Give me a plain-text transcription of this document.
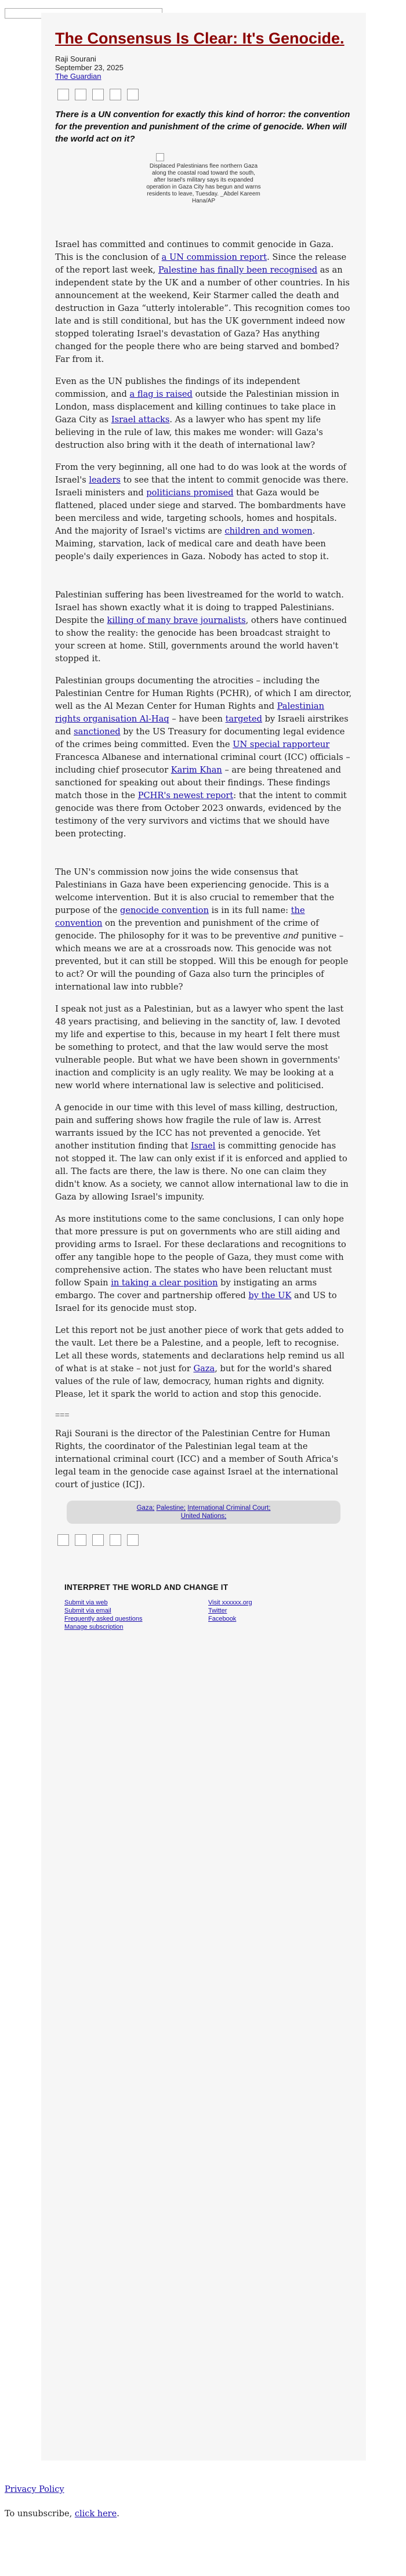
The Consensus Is Clear: It's Genocide.
Raji Sourani
September 23, 2025
The Guardian
There is a UN convention for exactly this kind of horror: the convention for the prevention and punishment of the crime of genocide. When will the world act on it?
Displaced Palestinians flee northern Gaza along the coastal road toward the south, after Israel's military says its expanded operation in Gaza City has begun and warns residents to leave, Tuesday. _Abdel Kareem Hana/AP

Israel has committed and continues to commit genocide in Gaza. This is the conclusion of a UN commission report. Since the release of the report last week, Palestine has finally been recognised as an independent state by the UK and a number of other countries. In his announcement at the weekend, Keir Starmer called the death and destruction in Gaza “utterly intolerable”. This recognition comes too late and is still conditional, but has the UK government indeed now stopped tolerating Israel's devastation of Gaza? Has anything changed for the people there who are being starved and bombed? Far from it.

Even as the UN publishes the findings of its independent commission, and a flag is raised outside the Palestinian mission in London, mass displacement and killing continues to take place in Gaza City as Israel attacks. As a lawyer who has spent my life believing in the rule of law, this makes me wonder: will Gaza's destruction also bring with it the death of international law?

From the very beginning, all one had to do was look at the words of Israel's leaders to see that the intent to commit genocide was there. Israeli ministers and politicians promised that Gaza would be flattened, placed under siege and starved. The bombardments have been merciless and wide, targeting schools, homes and hospitals. And the majority of Israel's victims are children and women. Maiming, starvation, lack of medical care and death have been people's daily experiences in Gaza. Nobody has acted to stop it.

Palestinian suffering has been livestreamed for the world to watch. Israel has shown exactly what it is doing to trapped Palestinians. Despite the killing of many brave journalists, others have continued to show the reality: the genocide has been broadcast straight to your screen at home. Still, governments around the world haven't stopped it.

Palestinian groups documenting the atrocities – including the Palestinian Centre for Human Rights (PCHR), of which I am director, well as the Al Mezan Center for Human Rights and Palestinian rights organisation Al-Haq – have been targeted by Israeli airstrikes and sanctioned by the US Treasury for documenting legal evidence of the crimes being committed. Even the UN special rapporteur Francesca Albanese and international criminal court (ICC) officials – including chief prosecutor Karim Khan – are being threatened and sanctioned for speaking out about their findings. These findings match those in the PCHR's newest report: that the intent to commit genocide was there from October 2023 onwards, evidenced by the testimony of the very survivors and victims that we should have been protecting.

The UN's commission now joins the wide consensus that Palestinians in Gaza have been experiencing genocide. This is a welcome intervention. But it is also crucial to remember that the purpose of the genocide convention is in its full name: the convention on the prevention and punishment of the crime of genocide. The philosophy for it was to be preventive and punitive – which means we are at a crossroads now. This genocide was not prevented, but it can still be stopped. Will this be enough for people to act? Or will the pounding of Gaza also turn the principles of international law into rubble?

I speak not just as a Palestinian, but as a lawyer who spent the last 48 years practising, and believing in the sanctity of, law. I devoted my life and expertise to this, because in my heart I felt there must be something to protect, and that the law would serve the most vulnerable people. But what we have been shown in governments' inaction and complicity is an ugly reality. We may be looking at a new world where international law is selective and politicised.

A genocide in our time with this level of mass killing, destruction, pain and suffering shows how fragile the rule of law is. Arrest warrants issued by the ICC has not prevented a genocide. Yet another institution finding that Israel is committing genocide has not stopped it. The law can only exist if it is enforced and applied to all. The facts are there, the law is there. No one can claim they didn't know. As a society, we cannot allow international law to die in Gaza by allowing Israel's impunity.

As more institutions come to the same conclusions, I can only hope that more pressure is put on governments who are still aiding and providing arms to Israel. For these declarations and recognitions to offer any tangible hope to the people of Gaza, they must come with comprehensive action. The states who have been reluctant must follow Spain in taking a clear position by instigating an arms embargo. The cover and partnership offered by the UK and US to Israel for its genocide must stop.

Let this report not be just another piece of work that gets added to the vault. Let there be a Palestine, and a people, left to recognise. Let all these words, statements and declarations help remind us all of what is at stake – not just for Gaza, but for the world's shared values of the rule of law, democracy, human rights and dignity. Please, let it spark the world to action and stop this genocide.

===

Raji Sourani is the director of the Palestinian Centre for Human Rights, the coordinator of the Palestinian legal team at the international criminal court (ICC) and a member of South Africa's legal team in the genocide case against Israel at the international court of justice (ICJ).

Gaza; Palestine; International Criminal Court;
United Nations;
INTERPRET THE WORLD AND CHANGE IT
Submit via web
Submit via email
Frequently asked questions
Manage subscription
Visit xxxxxx.org
Twitter
Facebook

Privacy Policy

To unsubscribe, click here.
